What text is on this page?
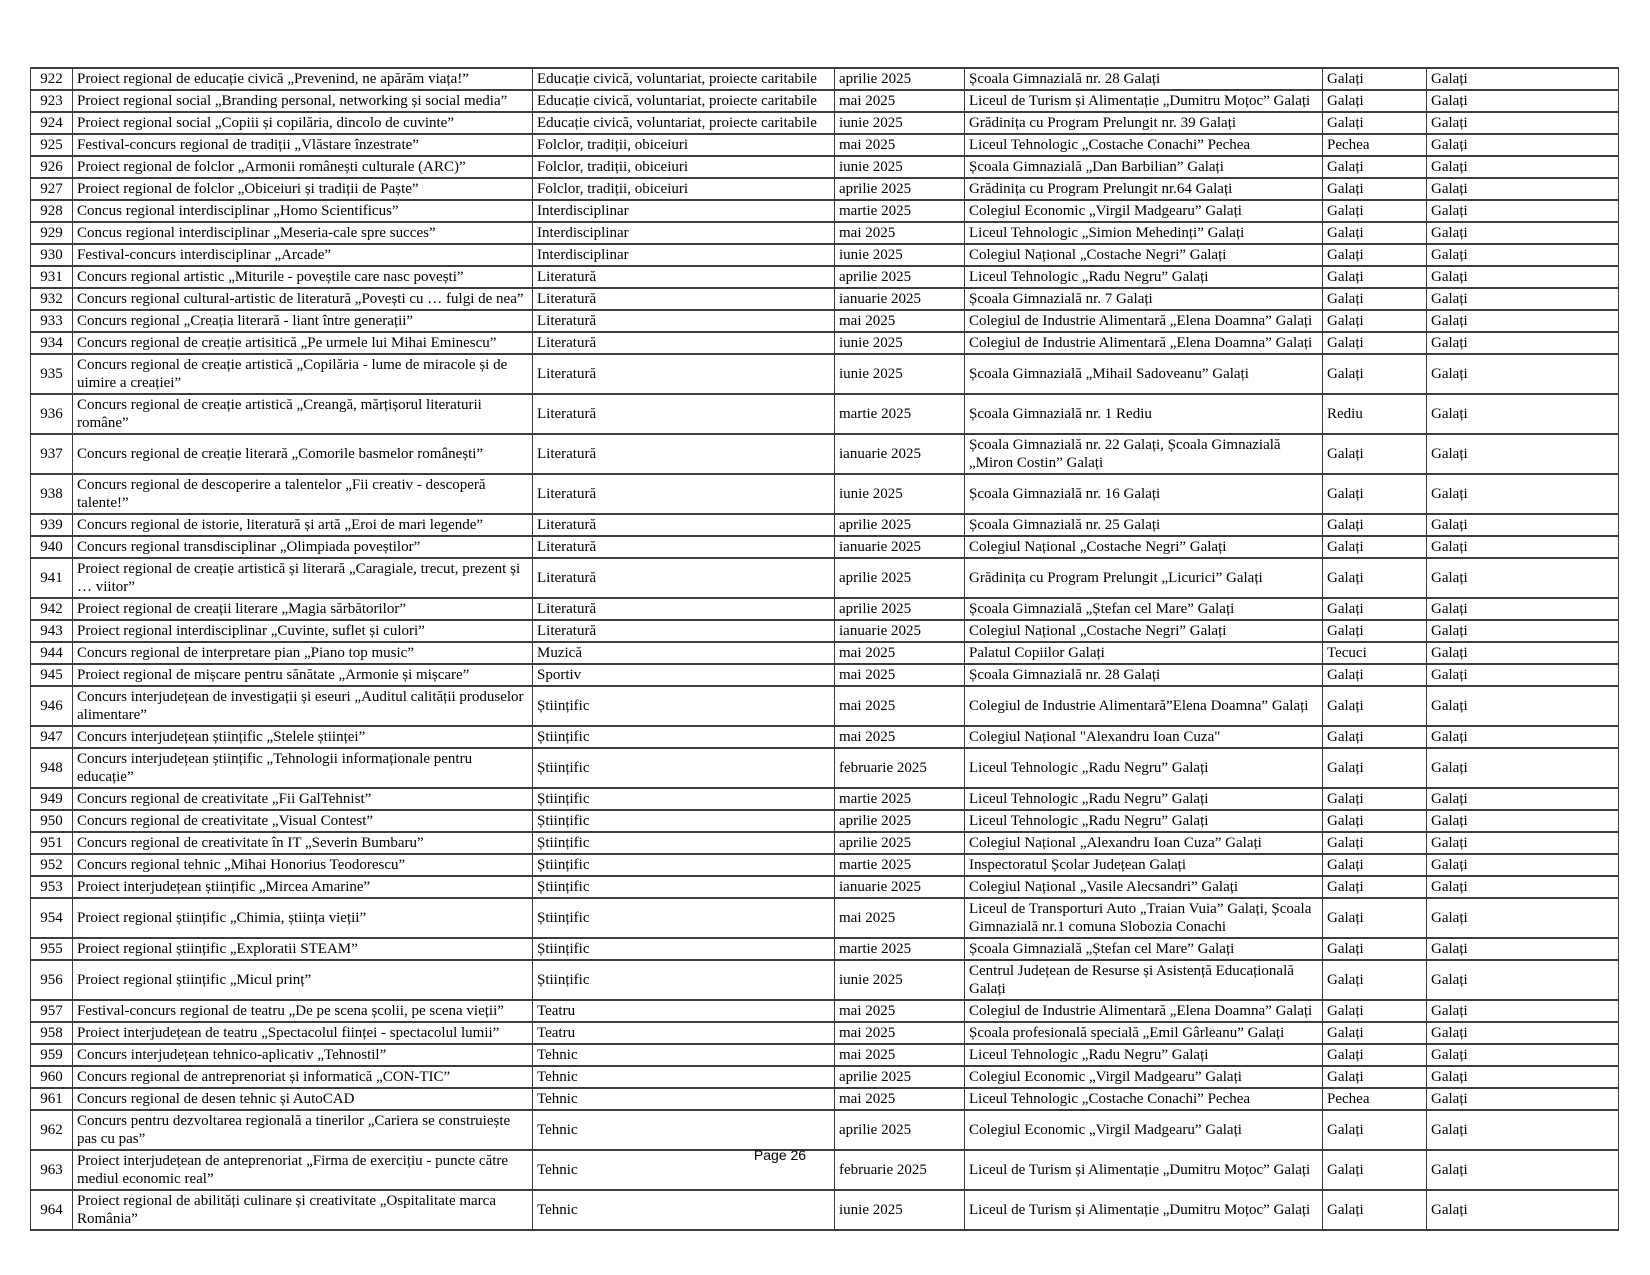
922	Proiect regional de educație civică „Prevenind, ne apărăm viața!”	Educație civică, voluntariat, proiecte caritabile	aprilie 2025	Școala Gimnazială nr. 28 Galați	Galați	Galați
923	Proiect regional social „Branding personal, networking și social media”	Educație civică, voluntariat, proiecte caritabile	mai 2025	Liceul de Turism și Alimentație „Dumitru Moțoc” Galați	Galați	Galați
924	Proiect regional social „Copiii și copilăria, dincolo de cuvinte”	Educație civică, voluntariat, proiecte caritabile	iunie 2025	Grădinița cu Program Prelungit nr. 39 Galați	Galați	Galați
925	Festival-concurs regional de tradiții „Vlăstare înzestrate”	Folclor, tradiții, obiceiuri	mai 2025	Liceul Tehnologic „Costache Conachi” Pechea	Pechea	Galați
926	Proiect regional de folclor „Armonii românești culturale (ARC)”	Folclor, tradiții, obiceiuri	iunie 2025	Școala Gimnazială „Dan Barbilian” Galați	Galați	Galați
927	Proiect regional de folclor „Obiceiuri și tradiții de Paște”	Folclor, tradiții, obiceiuri	aprilie 2025	Grădinița cu Program Prelungit nr.64 Galați	Galați	Galați
928	Concus regional interdisciplinar „Homo Scientificus”	Interdisciplinar	martie 2025	Colegiul Economic „Virgil Madgearu” Galați	Galați	Galați
929	Concus regional interdisciplinar „Meseria-cale spre succes”	Interdisciplinar	mai 2025	Liceul Tehnologic „Simion Mehedinți” Galați	Galați	Galați
930	Festival-concurs interdisciplinar „Arcade”	Interdisciplinar	iunie 2025	Colegiul Național „Costache Negri” Galați	Galați	Galați
931	Concurs regional artistic „Miturile - poveștile care nasc povești”	Literatură	aprilie 2025	Liceul Tehnologic „Radu Negru” Galați	Galați	Galați
932	Concurs regional cultural-artistic de literatură „Povești cu … fulgi de nea”	Literatură	ianuarie 2025	Școala Gimnazială nr. 7 Galați	Galați	Galați
933	Concurs regional „Creația literară - liant între generații”	Literatură	mai 2025	Colegiul de Industrie Alimentară „Elena Doamna” Galați	Galați	Galați
934	Concurs regional de creație artisitică „Pe urmele lui Mihai Eminescu”	Literatură	iunie 2025	Colegiul de Industrie Alimentară „Elena Doamna” Galați	Galați	Galați
935	Concurs regional de creație artistică „Copilăria - lume de miracole și de uimire a creației”	Literatură	iunie 2025	Școala Gimnazială „Mihail Sadoveanu” Galați	Galați	Galați
936	Concurs regional de creație artistică „Creangă, mărțișorul literaturii române”	Literatură	martie 2025	Școala Gimnazială nr. 1 Rediu	Rediu	Galați
937	Concurs regional de creație literară „Comorile basmelor românești”	Literatură	ianuarie 2025	Școala Gimnazială nr. 22 Galați, Școala Gimnazială „Miron Costin” Galați	Galați	Galați
938	Concurs regional de descoperire a talentelor „Fii creativ - descoperă talente!”	Literatură	iunie 2025	Școala Gimnazială nr. 16 Galați	Galați	Galați
939	Concurs regional de istorie, literatură și artă „Eroi de mari legende”	Literatură	aprilie 2025	Școala Gimnazială nr. 25 Galați	Galați	Galați
940	Concurs regional transdisciplinar „Olimpiada poveștilor”	Literatură	ianuarie 2025	Colegiul Național „Costache Negri” Galați	Galați	Galați
941	Proiect regional de creație artistică și literară „Caragiale, trecut, prezent și … viitor”	Literatură	aprilie 2025	Grădinița cu Program Prelungit „Licurici” Galați	Galați	Galați
942	Proiect regional de creații literare „Magia sărbătorilor”	Literatură	aprilie 2025	Școala Gimnazială „Ștefan cel Mare” Galați	Galați	Galați
943	Proiect regional interdisciplinar „Cuvinte, suflet și culori”	Literatură	ianuarie 2025	Colegiul Național „Costache Negri” Galați	Galați	Galați
944	Concurs regional de interpretare pian „Piano top music”	Muzică	mai 2025	Palatul Copiilor Galați	Tecuci	Galați
945	Proiect regional de mișcare pentru sănătate „Armonie și mișcare”	Sportiv	mai 2025	Școala Gimnazială nr. 28 Galați	Galați	Galați
946	Concurs interjudețean de investigații și eseuri „Auditul calității produselor alimentare”	Științific	mai 2025	Colegiul de Industrie Alimentară”Elena Doamna” Galați	Galați	Galați
947	Concurs interjudețean științific „Stelele științei”	Științific	mai 2025	Colegiul Național "Alexandru Ioan Cuza"	Galați	Galați
948	Concurs interjudețean științific „Tehnologii informaționale pentru educație”	Științific	februarie 2025	Liceul Tehnologic „Radu Negru” Galați	Galați	Galați
949	Concurs regional de creativitate „Fii GalTehnist”	Științific	martie 2025	Liceul Tehnologic „Radu Negru” Galați	Galați	Galați
950	Concurs regional de creativitate „Visual Contest”	Științific	aprilie 2025	Liceul Tehnologic „Radu Negru” Galați	Galați	Galați
951	Concurs regional de creativitate în IT „Severin Bumbaru”	Științific	aprilie 2025	Colegiul Național „Alexandru Ioan Cuza” Galați	Galați	Galați
952	Concurs regional tehnic „Mihai Honorius Teodorescu”	Științific	martie 2025	Inspectoratul Școlar Județean Galați	Galați	Galați
953	Proiect interjudețean științific „Mircea Amarine”	Științific	ianuarie 2025	Colegiul Național „Vasile Alecsandri” Galați	Galați	Galați
954	Proiect regional științific „Chimia, știința vieții”	Științific	mai 2025	Liceul de Transporturi Auto „Traian Vuia” Galați, Școala Gimnazială nr.1 comuna Slobozia Conachi	Galați	Galați
955	Proiect regional științific „Exploratii STEAM”	Științific	martie 2025	Școala Gimnazială „Ștefan cel Mare” Galați	Galați	Galați
956	Proiect regional științific „Micul prinț”	Științific	iunie 2025	Centrul Județean de Resurse și Asistență Educațională Galați	Galați	Galați
957	Festival-concurs regional de teatru „De pe scena școlii, pe scena vieții”	Teatru	mai 2025	Colegiul de Industrie Alimentară „Elena Doamna” Galați	Galați	Galați
958	Proiect interjudețean de teatru „Spectacolul ființei - spectacolul lumii”	Teatru	mai 2025	Școala profesională specială „Emil Gârleanu” Galați	Galați	Galați
959	Concurs interjudețean tehnico-aplicativ „Tehnostil”	Tehnic	mai 2025	Liceul Tehnologic „Radu Negru” Galați	Galați	Galați
960	Concurs regional de antreprenoriat și informatică „CON-TIC”	Tehnic	aprilie 2025	Colegiul Economic „Virgil Madgearu” Galați	Galați	Galați
961	Concurs regional de desen tehnic și AutoCAD	Tehnic	mai 2025	Liceul Tehnologic „Costache Conachi” Pechea	Pechea	Galați
962	Concurs pentru dezvoltarea regională a tinerilor „Cariera se construiește pas cu pas”	Tehnic	aprilie 2025	Colegiul Economic „Virgil Madgearu” Galați	Galați	Galați
963	Proiect interjudețean de anteprenoriat „Firma de exercițiu - puncte către mediul economic real”	Tehnic	februarie 2025	Liceul de Turism și Alimentație „Dumitru Moțoc” Galați	Galați	Galați
964	Proiect regional de abilități culinare și creativitate „Ospitalitate marca România”	Tehnic	iunie 2025	Liceul de Turism și Alimentație „Dumitru Moțoc” Galați	Galați	Galați
Page 26
